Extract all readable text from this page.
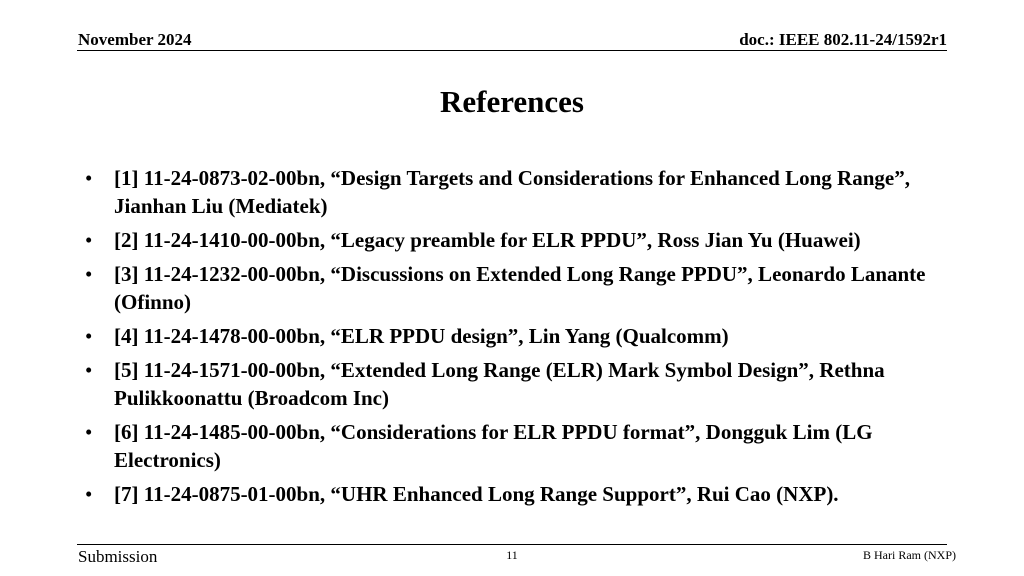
November 2024	doc.: IEEE 802.11-24/1592r1
References
• [1] 11-24-0873-02-00bn, “Design Targets and Considerations for Enhanced Long Range”, Jianhan Liu (Mediatek)
• [2] 11-24-1410-00-00bn, “Legacy preamble for ELR PPDU”, Ross Jian Yu (Huawei)
• [3] 11-24-1232-00-00bn, “Discussions on Extended Long Range PPDU”, Leonardo Lanante (Ofinno)
• [4] 11-24-1478-00-00bn, “ELR PPDU design”, Lin Yang (Qualcomm)
• [5] 11-24-1571-00-00bn, “Extended Long Range (ELR) Mark Symbol Design”, Rethna Pulikkoonattu (Broadcom Inc)
• [6] 11-24-1485-00-00bn, “Considerations for ELR PPDU format”, Dongguk Lim (LG Electronics)
• [7] 11-24-0875-01-00bn, “UHR Enhanced Long Range Support”, Rui Cao (NXP).
Submission	11	B Hari Ram (NXP)
